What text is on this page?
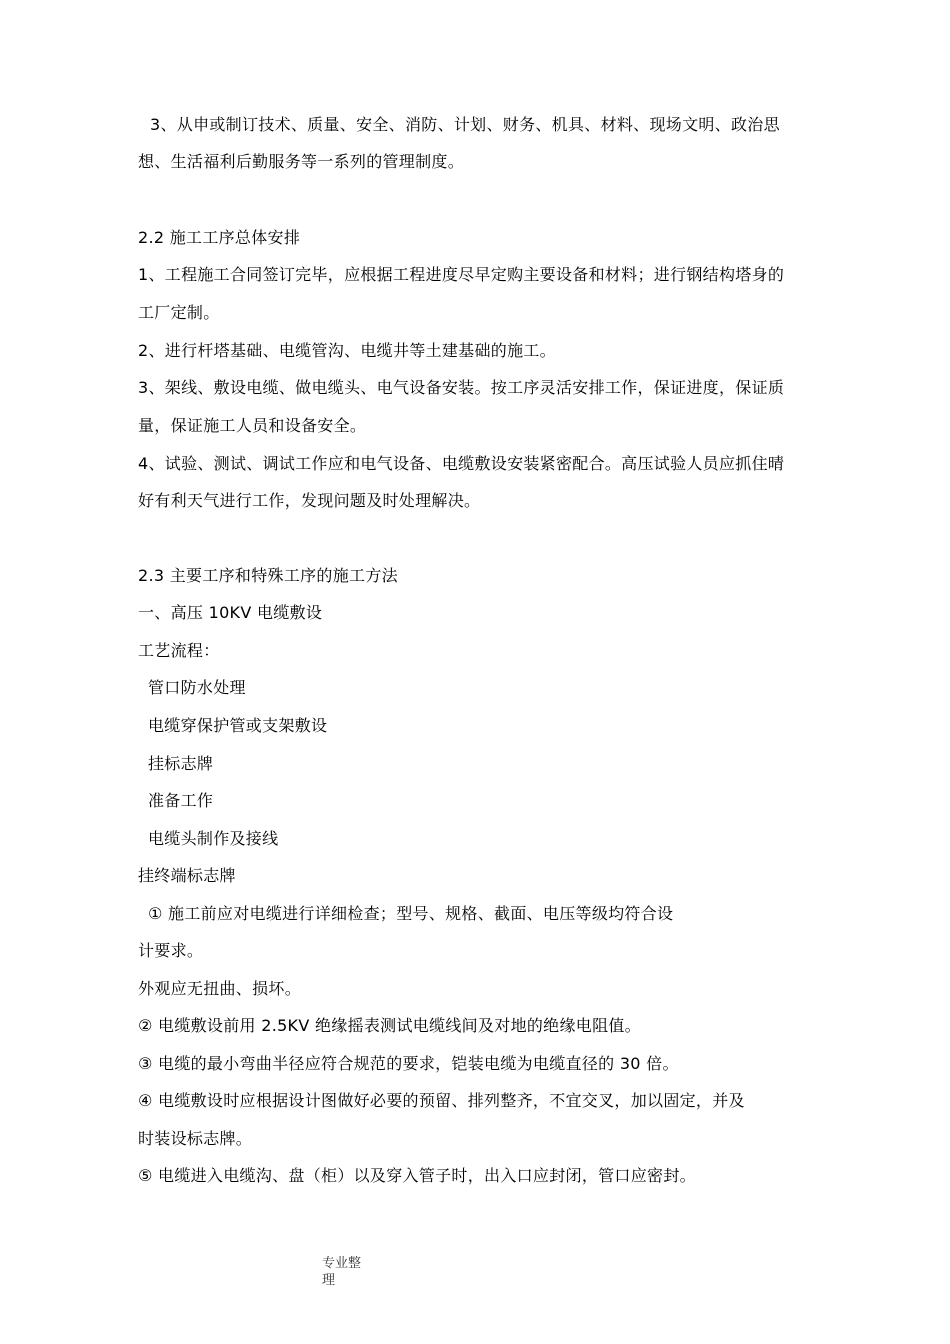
3、从申或制订技术、质量、安全、消防、计划、财务、机具、材料、现场文明、政治思
想、生活福利后勤服务等一系列的管理制度。
2.2 施工工序总体安排
1、工程施工合同签订完毕，应根据工程进度尽早定购主要设备和材料；进行钢结构塔身的
工厂定制。
2、进行杆塔基础、电缆管沟、电缆井等土建基础的施工。
3、架线、敷设电缆、做电缆头、电气设备安装。按工序灵活安排工作，保证进度，保证质
量，保证施工人员和设备安全。
4、试验、测试、调试工作应和电气设备、电缆敷设安装紧密配合。高压试验人员应抓住晴
好有利天气进行工作，发现问题及时处理解决。
2.3 主要工序和特殊工序的施工方法
一、高压 10KV 电缆敷设
工艺流程：
管口防水处理
电缆穿保护管或支架敷设
挂标志牌
准备工作
电缆头制作及接线
挂终端标志牌
① 施工前应对电缆进行详细检查；型号、规格、截面、电压等级均符合设
计要求。
外观应无扭曲、损坏。
② 电缆敷设前用 2.5KV 绝缘摇表测试电缆线间及对地的绝缘电阻值。
③ 电缆的最小弯曲半径应符合规范的要求，铠装电缆为电缆直径的 30 倍。
④ 电缆敷设时应根据设计图做好必要的预留、排列整齐，不宜交叉，加以固定，并及
时装设标志牌。
⑤ 电缆进入电缆沟、盘（柜）以及穿入管子时，出入口应封闭，管口应密封。
专业整
理
